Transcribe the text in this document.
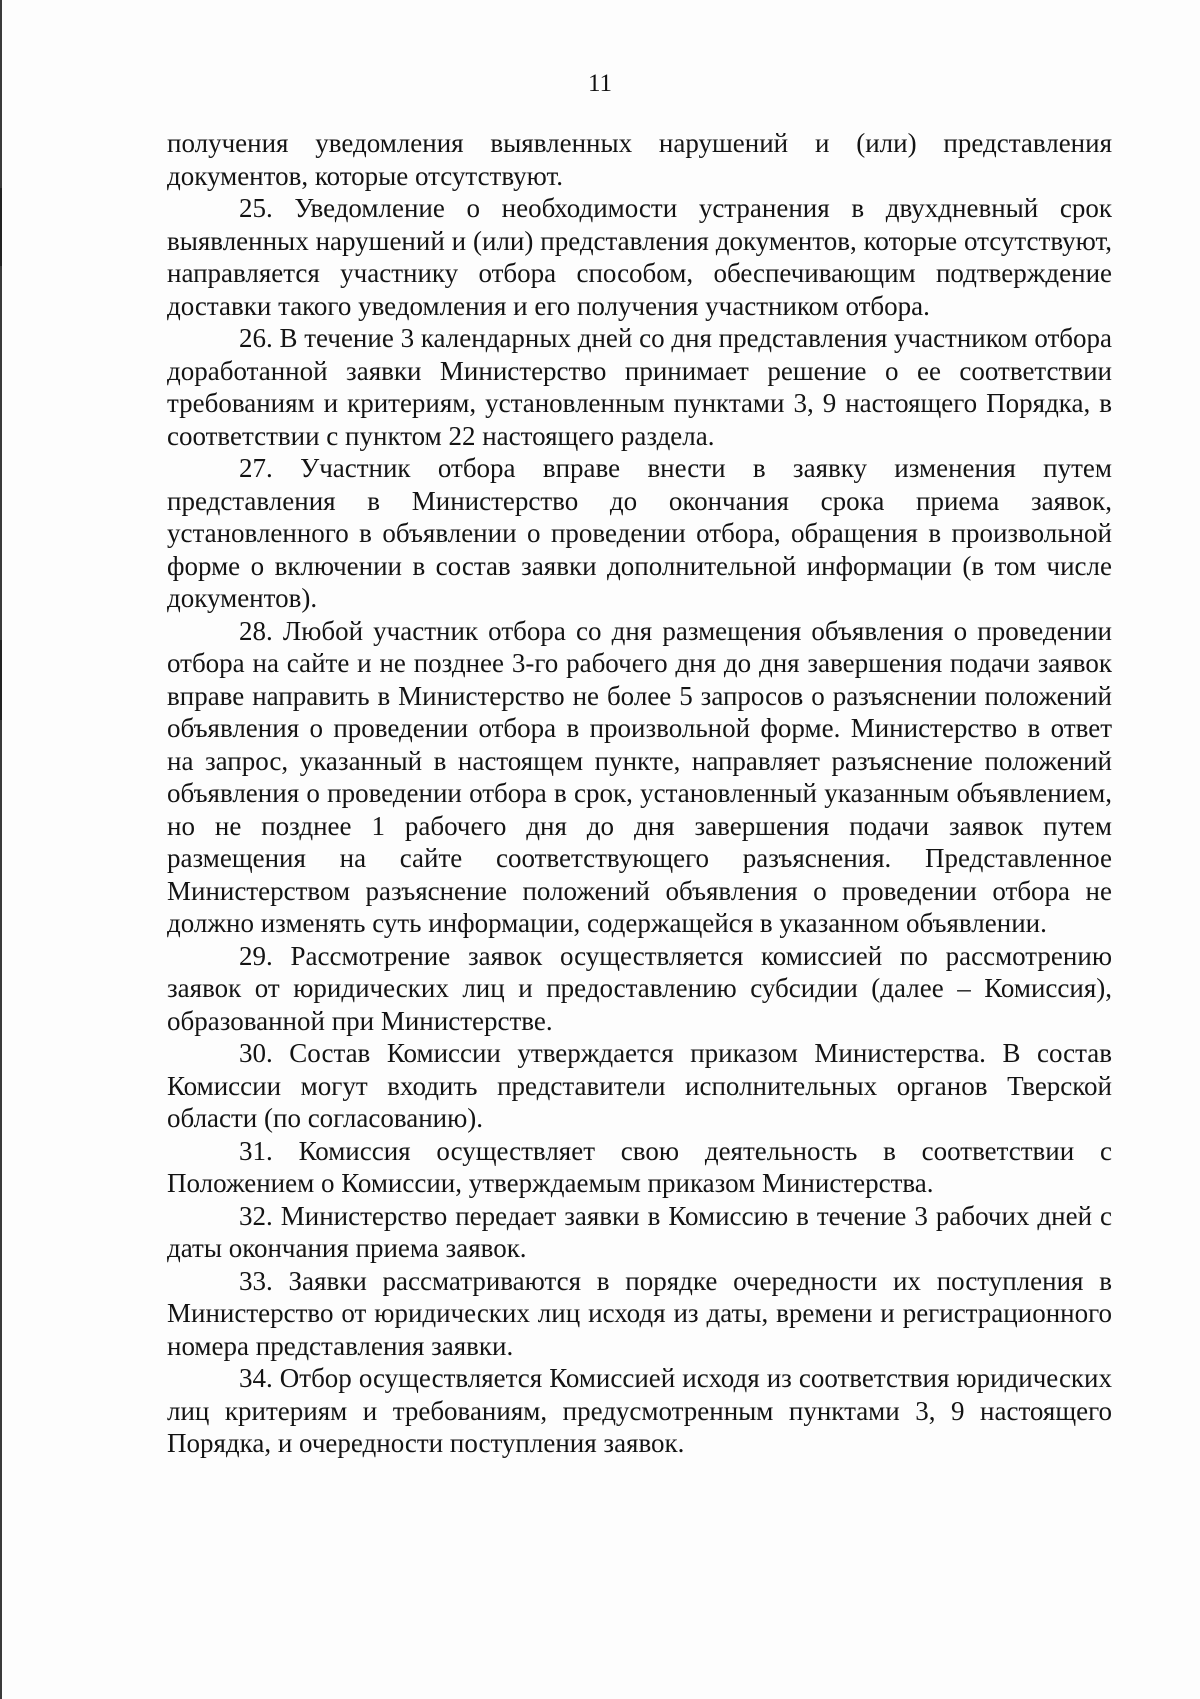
11

получения уведомления выявленных нарушений и (или) представления документов, которые отсутствуют.

25. Уведомление о необходимости устранения в двухдневный срок выявленных нарушений и (или) представления документов, которые отсутствуют, направляется участнику отбора способом, обеспечивающим подтверждение доставки такого уведомления и его получения участником отбора.

26. В течение 3 календарных дней со дня представления участником отбора доработанной заявки Министерство принимает решение о ее соответствии требованиям и критериям, установленным пунктами 3, 9 настоящего Порядка, в соответствии с пунктом 22 настоящего раздела.

27. Участник отбора вправе внести в заявку изменения путем представления в Министерство до окончания срока приема заявок, установленного в объявлении о проведении отбора, обращения в произвольной форме о включении в состав заявки дополнительной информации (в том числе документов).

28. Любой участник отбора со дня размещения объявления о проведении отбора на сайте и не позднее 3-го рабочего дня до дня завершения подачи заявок вправе направить в Министерство не более 5 запросов о разъяснении положений объявления о проведении отбора в произвольной форме. Министерство в ответ на запрос, указанный в настоящем пункте, направляет разъяснение положений объявления о проведении отбора в срок, установленный указанным объявлением, но не позднее 1 рабочего дня до дня завершения подачи заявок путем размещения на сайте соответствующего разъяснения. Представленное Министерством разъяснение положений объявления о проведении отбора не должно изменять суть информации, содержащейся в указанном объявлении.

29. Рассмотрение заявок осуществляется комиссией по рассмотрению заявок от юридических лиц и предоставлению субсидии (далее – Комиссия), образованной при Министерстве.

30. Состав Комиссии утверждается приказом Министерства. В состав Комиссии могут входить представители исполнительных органов Тверской области (по согласованию).

31. Комиссия осуществляет свою деятельность в соответствии с Положением о Комиссии, утверждаемым приказом Министерства.

32. Министерство передает заявки в Комиссию в течение 3 рабочих дней с даты окончания приема заявок.

33. Заявки рассматриваются в порядке очередности их поступления в Министерство от юридических лиц исходя из даты, времени и регистрационного номера представления заявки.

34. Отбор осуществляется Комиссией исходя из соответствия юридических лиц критериям и требованиям, предусмотренным пунктами 3, 9 настоящего Порядка, и очередности поступления заявок.
